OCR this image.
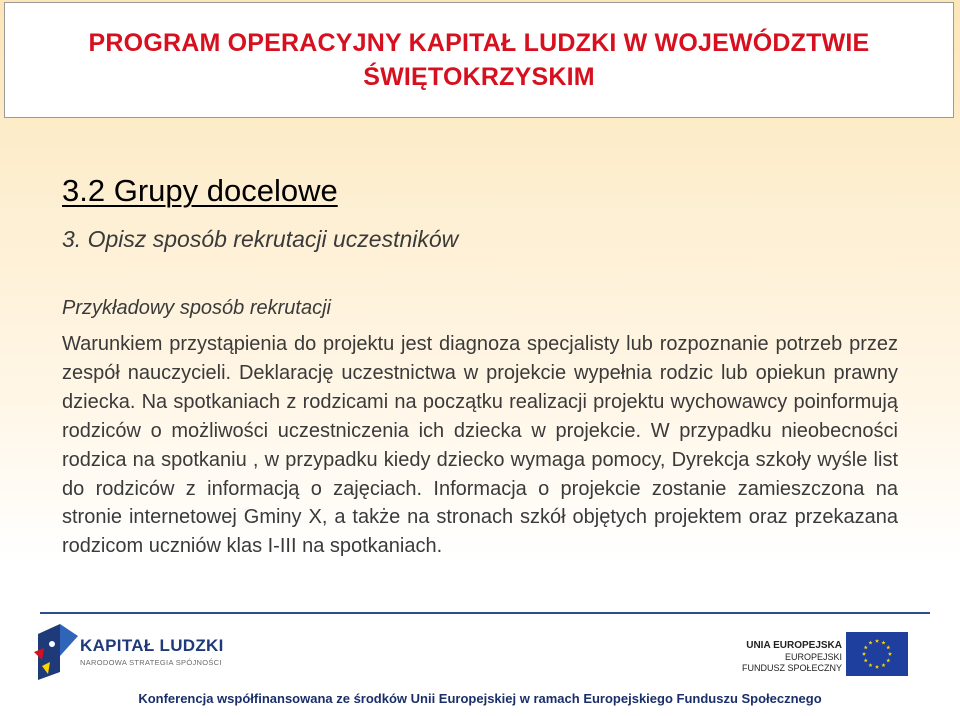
PROGRAM OPERACYJNY KAPITAŁ LUDZKI W WOJEWÓDZTWIE
ŚWIĘTOKRZYSKIM
3.2 Grupy docelowe
3. Opisz sposób rekrutacji uczestników
Przykładowy sposób rekrutacji
Warunkiem przystąpienia do projektu jest diagnoza specjalisty lub rozpoznanie potrzeb przez zespół nauczycieli. Deklarację uczestnictwa w projekcie wypełnia rodzic lub opiekun prawny dziecka. Na spotkaniach z rodzicami na początku realizacji projektu wychowawcy poinformują rodziców o możliwości uczestniczenia ich dziecka w projekcie. W przypadku nieobecności rodzica na spotkaniu , w przypadku kiedy dziecko wymaga pomocy, Dyrekcja szkoły wyśle list do rodziców z informacją o zajęciach. Informacja o projekcie zostanie zamieszczona na stronie internetowej Gminy X, a także na stronach szkół objętych projektem oraz przekazana rodzicom uczniów klas I-III na spotkaniach.
KAPITAŁ LUDZKI
NARODOWA STRATEGIA SPÓJNOŚCI
UNIA EUROPEJSKA
EUROPEJSKI
FUNDUSZ SPOŁECZNY
Konferencja współfinansowana ze środków Unii Europejskiej w ramach Europejskiego Funduszu Społecznego
